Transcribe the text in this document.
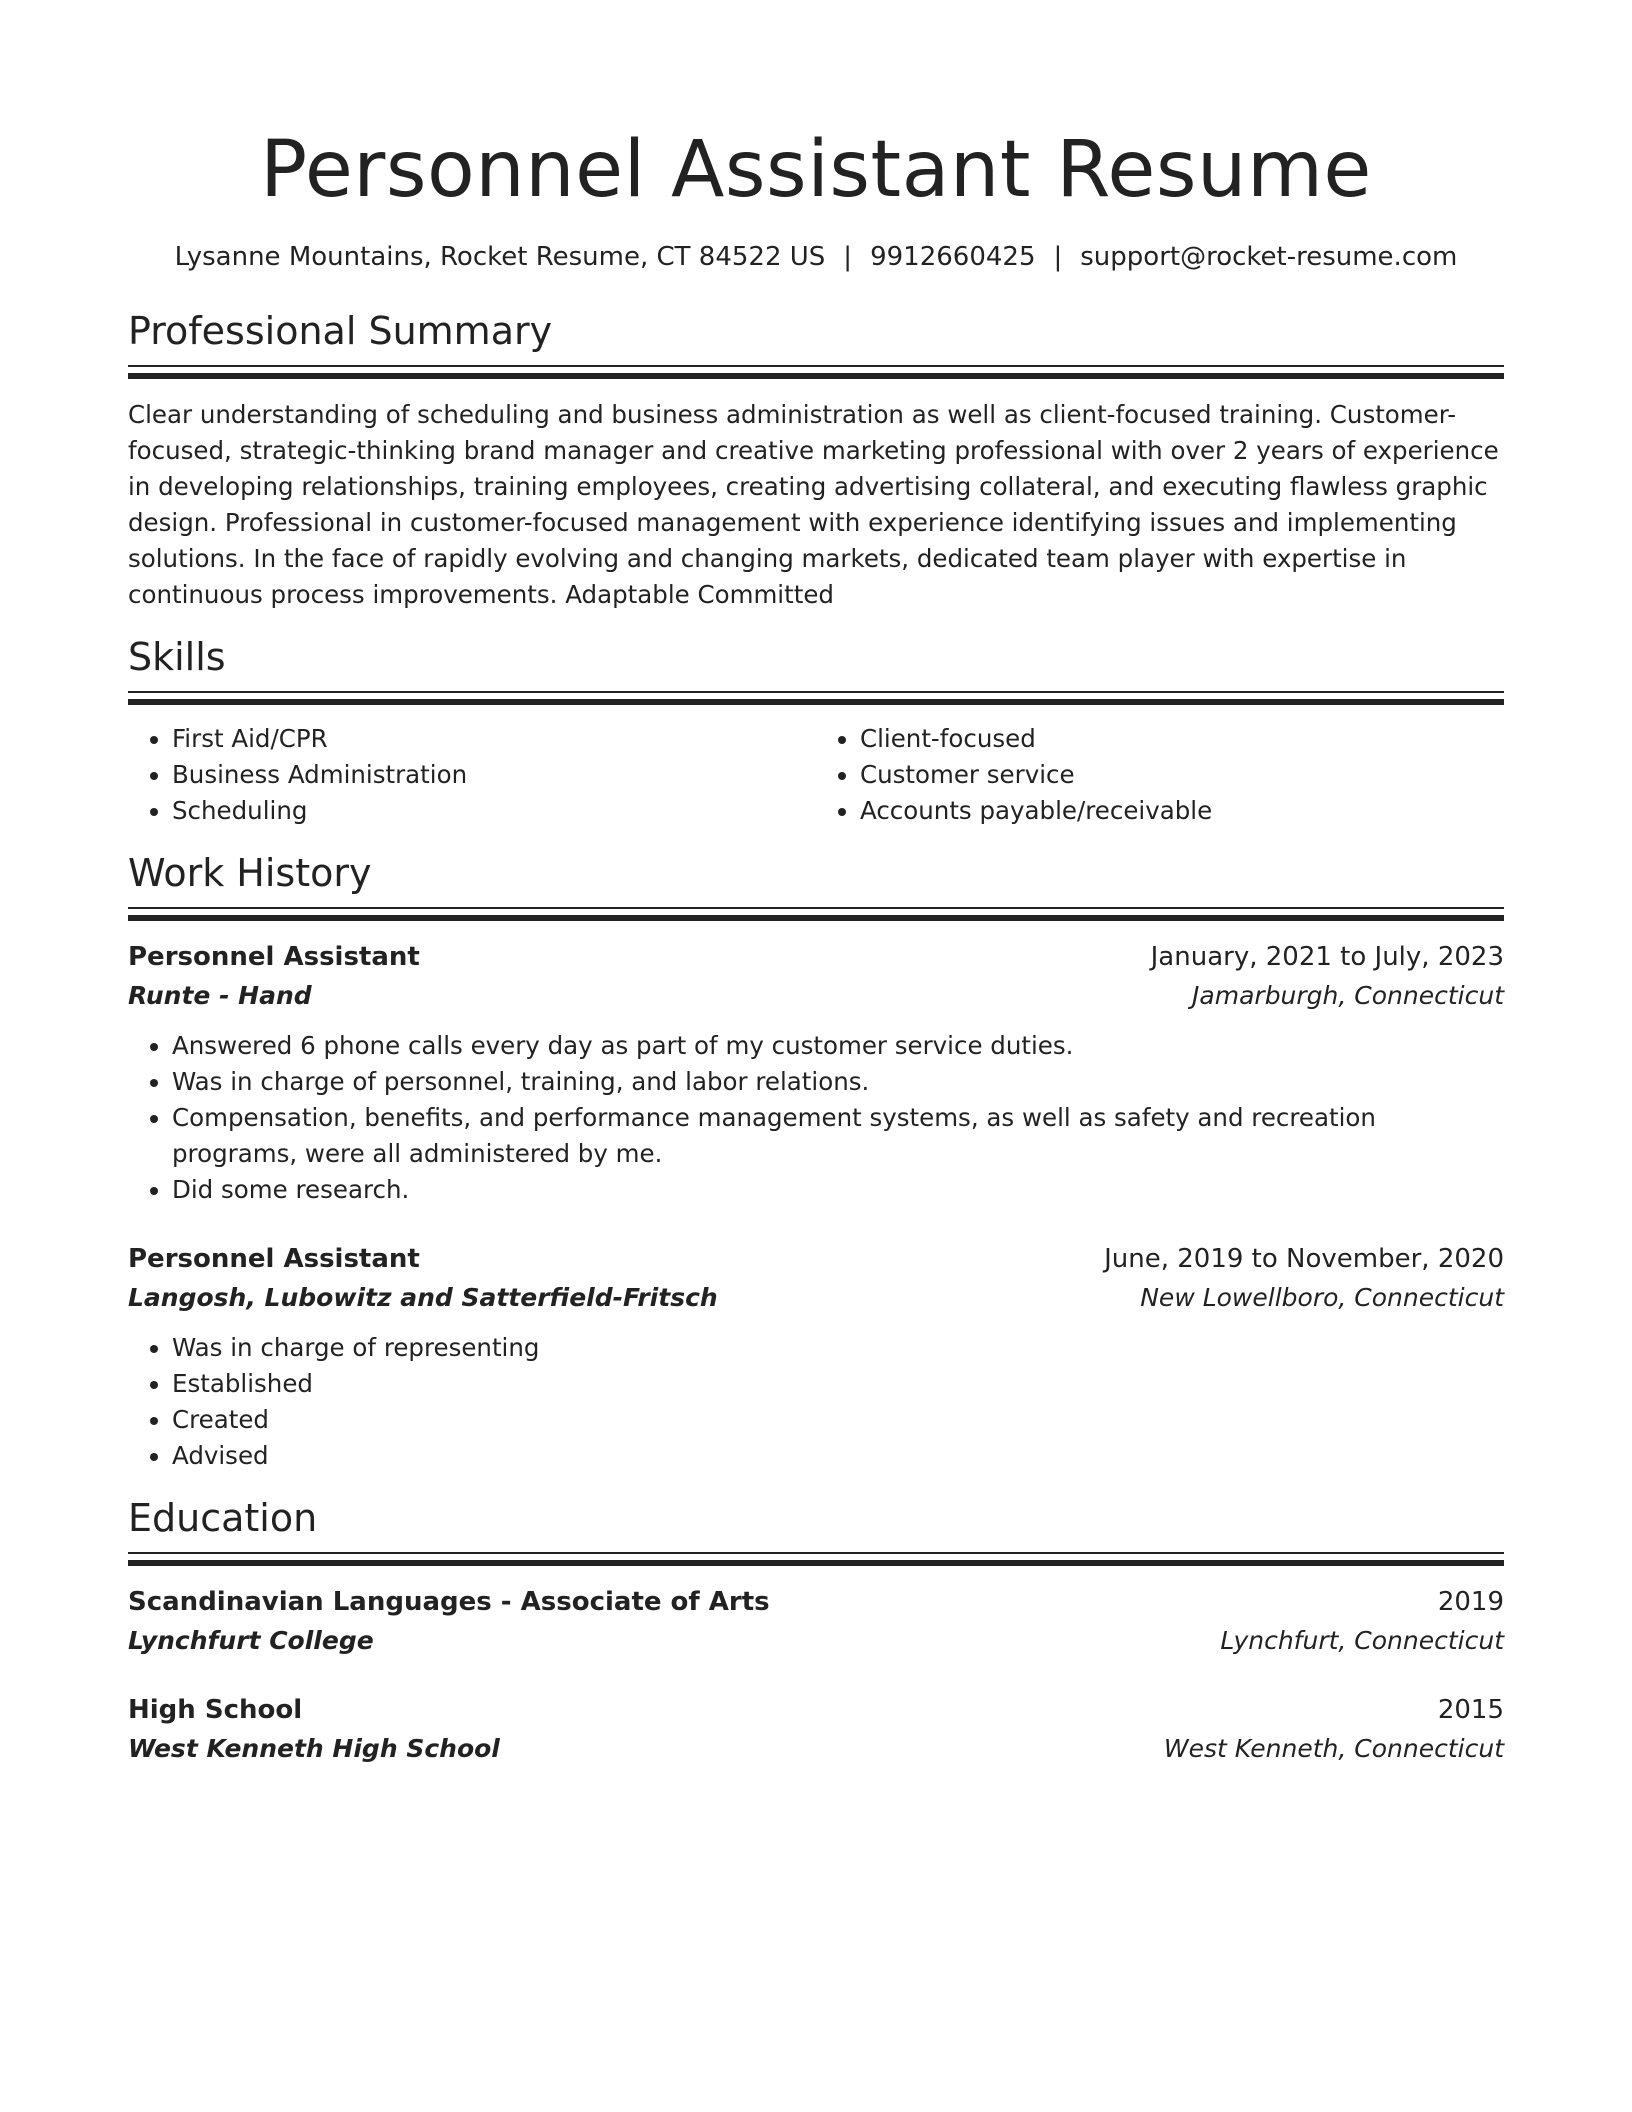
Personnel Assistant Resume
Lysanne Mountains, Rocket Resume, CT 84522 US | 9912660425 | support@rocket-resume.com
Professional Summary
Clear understanding of scheduling and business administration as well as client-focused training. Customer-focused, strategic-thinking brand manager and creative marketing professional with over 2 years of experience in developing relationships, training employees, creating advertising collateral, and executing flawless graphic design. Professional in customer-focused management with experience identifying issues and implementing solutions. In the face of rapidly evolving and changing markets, dedicated team player with expertise in continuous process improvements. Adaptable Committed
Skills
• First Aid/CPR
• Business Administration
• Scheduling
• Client-focused
• Customer service
• Accounts payable/receivable
Work History
Personnel Assistant	January, 2021 to July, 2023
Runte - Hand	Jamarburgh, Connecticut
• Answered 6 phone calls every day as part of my customer service duties.
• Was in charge of personnel, training, and labor relations.
• Compensation, benefits, and performance management systems, as well as safety and recreation programs, were all administered by me.
• Did some research.
Personnel Assistant	June, 2019 to November, 2020
Langosh, Lubowitz and Satterfield-Fritsch	New Lowellboro, Connecticut
• Was in charge of representing
• Established
• Created
• Advised
Education
Scandinavian Languages - Associate of Arts	2019
Lynchfurt College	Lynchfurt, Connecticut
High School	2015
West Kenneth High School	West Kenneth, Connecticut
